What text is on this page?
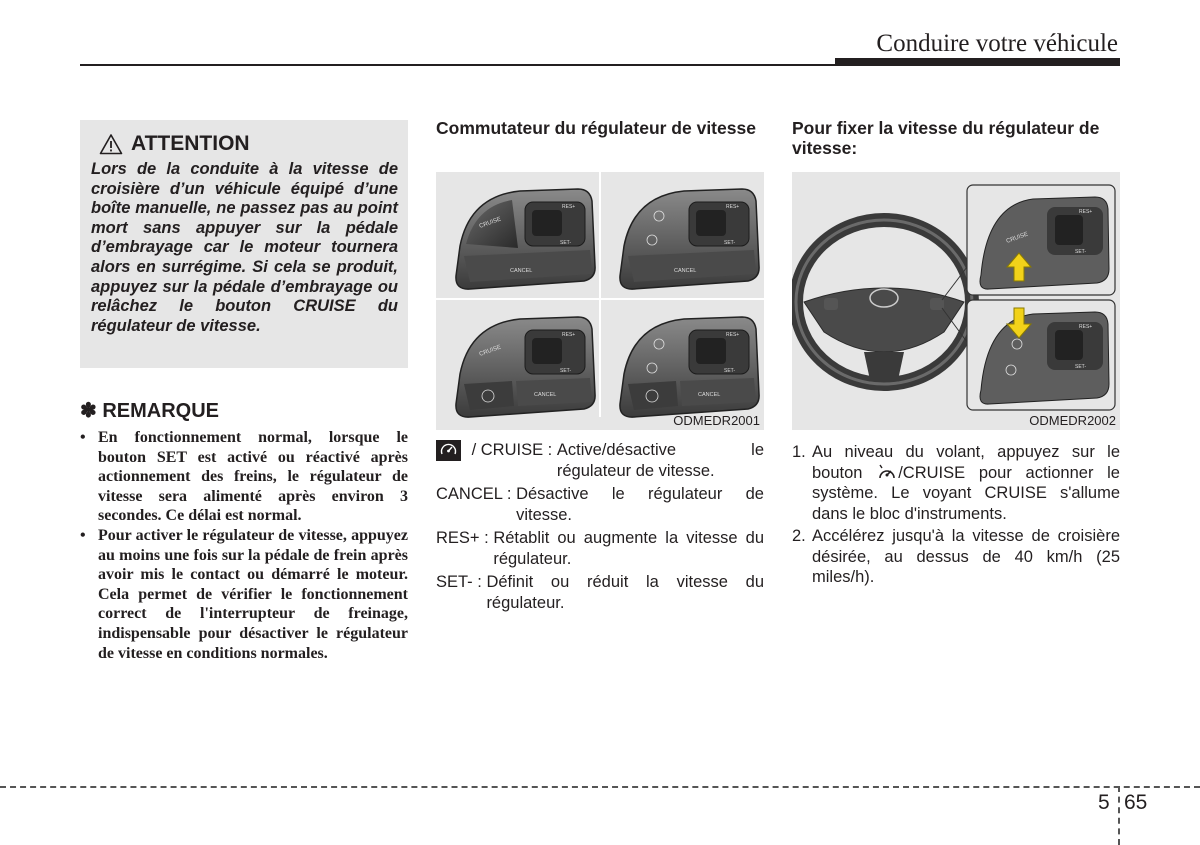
Conduire votre véhicule
ATTENTION
Lors de la conduite à la vitesse de croisière d’un véhicule équipé d’une boîte manuelle, ne passez pas au point mort sans appuyer sur la pédale d’embrayage car le moteur tournera alors en surrégime. Si cela se produit, appuyez sur la pédale d’embrayage ou relâchez le bouton CRUISE du régulateur de vitesse.
✽ REMARQUE
• En fonctionnement normal, lorsque le bouton SET est activé ou réactivé après actionnement des freins, le régulateur de vitesse sera alimenté après environ 3 secondes. Ce délai est normal.
• Pour activer le régulateur de vitesse, appuyez au moins une fois sur la pédale de frein après avoir mis le contact ou démarré le moteur. Cela permet de vérifier le fonctionnement correct de l'interrupteur de freinage, indispensable pour désactiver le régulateur de vitesse en conditions normales.
Commutateur du régulateur de vitesse
CRUISE
RES+
SET-
CANCEL
RES+
SET-
CANCEL
CRUISE
RES+
SET-
CANCEL
RES+
SET-
CANCEL
ODMEDR2001
/ CRUISE : Active/désactive le régulateur de vitesse.
CANCEL : Désactive le régulateur de vitesse.
RES+ : Rétablit ou augmente la vitesse du régulateur.
SET- : Définit ou réduit la vitesse du régulateur.
Pour fixer la vitesse du régulateur de vitesse:
RES+
SET-
CRUISE
RES+
SET-
ODMEDR2002
1. Au niveau du volant, appuyez sur le bouton /CRUISE pour actionner le système. Le voyant CRUISE s'allume dans le bloc d'instruments.
2. Accélérez jusqu'à la vitesse de croisière désirée, au dessus de 40 km/h (25 miles/h).
5 65
